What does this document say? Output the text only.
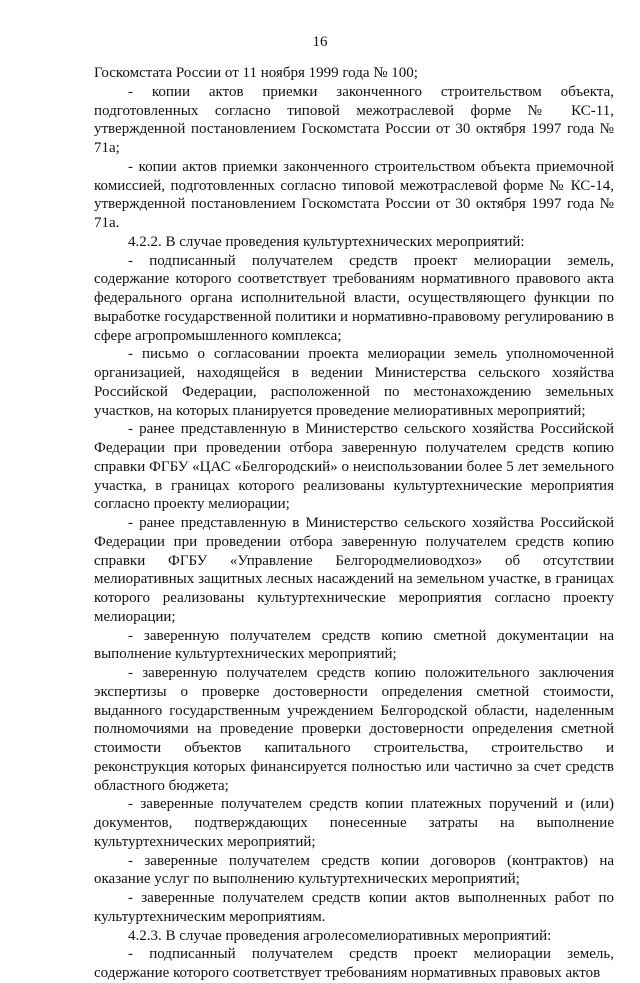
16

Госкомстата России от 11 ноября 1999 года № 100;

- копии актов приемки законченного строительством объекта, подготовленных согласно типовой межотраслевой форме № КС-11, утвержденной постановлением Госкомстата России от 30 октября 1997 года № 71а;

- копии актов приемки законченного строительством объекта приемочной комиссией, подготовленных согласно типовой межотраслевой форме № КС-14, утвержденной постановлением Госкомстата России от 30 октября 1997 года № 71а.

4.2.2. В случае проведения культуртехнических мероприятий:

- подписанный получателем средств проект мелиорации земель, содержание которого соответствует требованиям нормативного правового акта федерального органа исполнительной власти, осуществляющего функции по выработке государственной политики и нормативно-правовому регулированию в сфере агропромышленного комплекса;

- письмо о согласовании проекта мелиорации земель уполномоченной организацией, находящейся в ведении Министерства сельского хозяйства Российской Федерации, расположенной по местонахождению земельных участков, на которых планируется проведение мелиоративных мероприятий;

- ранее представленную в Министерство сельского хозяйства Российской Федерации при проведении отбора заверенную получателем средств копию справки ФГБУ «ЦАС «Белгородский» о неиспользовании более 5 лет земельного участка, в границах которого реализованы культуртехнические мероприятия согласно проекту мелиорации;

- ранее представленную в Министерство сельского хозяйства Российской Федерации при проведении отбора заверенную получателем средств копию справки ФГБУ «Управление Белгородмелиоводхоз» об отсутствии мелиоративных защитных лесных насаждений на земельном участке, в границах которого реализованы культуртехнические мероприятия согласно проекту мелиорации;

- заверенную получателем средств копию сметной документации на выполнение культуртехнических мероприятий;

- заверенную получателем средств копию положительного заключения экспертизы о проверке достоверности определения сметной стоимости, выданного государственным учреждением Белгородской области, наделенным полномочиями на проведение проверки достоверности определения сметной стоимости объектов капитального строительства, строительство и реконструкция которых финансируется полностью или частично за счет средств областного бюджета;

- заверенные получателем средств копии платежных поручений и (или) документов, подтверждающих понесенные затраты на выполнение культуртехнических мероприятий;

- заверенные получателем средств копии договоров (контрактов) на оказание услуг по выполнению культуртехнических мероприятий;

- заверенные получателем средств копии актов выполненных работ по культуртехническим мероприятиям.

4.2.3. В случае проведения агролесомелиоративных мероприятий:

- подписанный получателем средств проект мелиорации земель, содержание которого соответствует требованиям нормативных правовых актов
